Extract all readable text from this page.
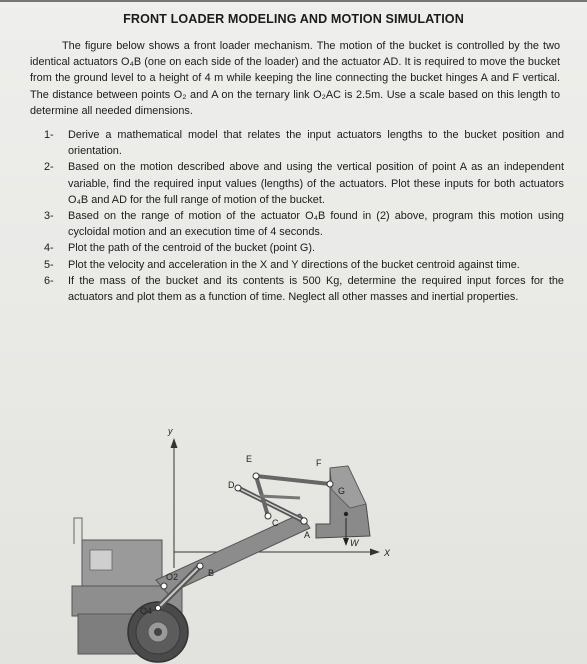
FRONT LOADER MODELING AND MOTION SIMULATION
The figure below shows a front loader mechanism. The motion of the bucket is controlled by the two identical actuators O₄B (one on each side of the loader) and the actuator AD. It is required to move the bucket from the ground level to a height of 4 m while keeping the line connecting the bucket hinges A and F vertical. The distance between points O₂ and A on the ternary link O₂AC is 2.5m. Use a scale based on this length to determine all needed dimensions.
1- Derive a mathematical model that relates the input actuators lengths to the bucket position and orientation.
2- Based on the motion described above and using the vertical position of point A as an independent variable, find the required input values (lengths) of the actuators. Plot these inputs for both actuators O₄B and AD for the full range of motion of the bucket.
3- Based on the range of motion of the actuator O₄B found in (2) above, program this motion using cycloidal motion and an execution time of 4 seconds.
4- Plot the path of the centroid of the bucket (point G).
5- Plot the velocity and acceleration in the X and Y directions of the bucket centroid against time.
6- If the mass of the bucket and its contents is 500 Kg, determine the required input forces for the actuators and plot them as a function of time. Neglect all other masses and inertial properties.
y
X
E	F
D
G
C
A
W
B
O2
O4
